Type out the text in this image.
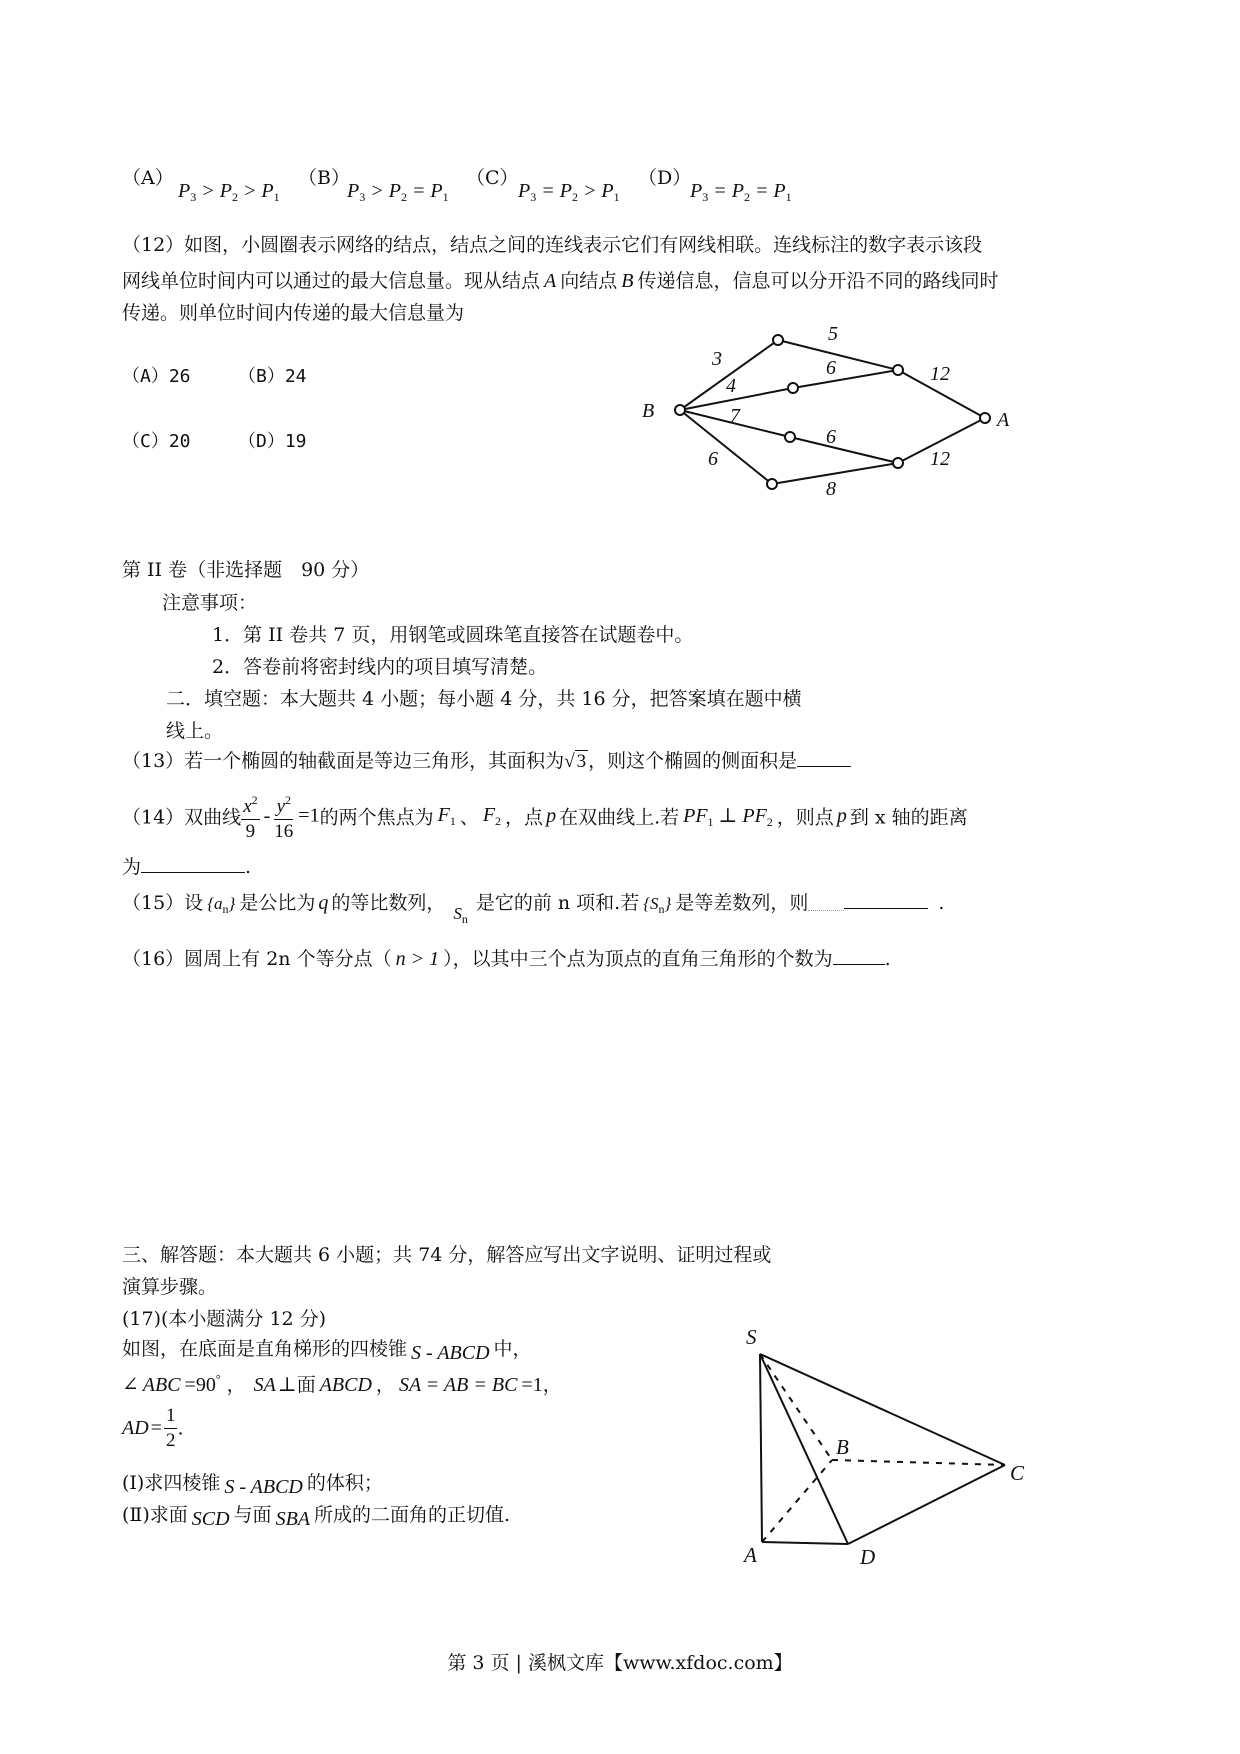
（A）
$P_3 > P_2 > P_1$
（B）
$P_3 > P_2 = P_1$
（C）
$P_3 = P_2 > P_1$
（D）
$P_3 = P_2 = P_1$
（12）如图，小圆圈表示网络的结点，结点之间的连线表示它们有网线相联。连线标注的数字表示该段
网线单位时间内可以通过的最大信息量。现从结点 A 向结点 B 传递信息，信息可以分开沿不同的路线同时
传递。则单位时间内传递的最大信息量为
（A）26	（B）24
（C）20	（D）19
B	A
3
5
4
6	12
7
6
6
8
12
第 II 卷（非选择题　90 分）
注意事项：
1．第 II 卷共 7 页，用钢笔或圆珠笔直接答在试题卷中。
2．答卷前将密封线内的项目填写清楚。
二．填空题：本大题共 4 小题；每小题 4 分，共 16 分，把答案填在题中横
线上。
（13）若一个椭圆的轴截面是等边三角形，其面积为√ 3 ，则这个椭圆的侧面积是
（14）双曲线 $\frac{x^2}{9} - \frac{y^2}{16} =1$的两个焦点为 $F_1$ 、 $F_2$ ，点 p 在双曲线上.若 $PF_1$ ⊥ $PF_2$ ，则点 p 到 x 轴的距离
为	.
（15）设 $\{a_n\}$ 是公比为 q 的等比数列， $S_n$是它的前 n 项和.若 $\{S_n\}$ 是等差数列，则	.
（16）圆周上有 2n 个等分点（ n > 1 ），以其中三个点为顶点的直角三角形的个数为	.
三、解答题：本大题共 6 小题；共 74 分，解答应写出文字说明、证明过程或
演算步骤。
(17)(本小题满分 12 分)
如图，在底面是直角梯形的四棱锥 S - ABCD 中，
∠ ABC =90° ， SA ⊥面 ABCD ， SA = AB = BC =1，
AD = $\frac{1}{2}$ .
(Ⅰ)求四棱锥 S - ABCD 的体积；
(Ⅱ)求面 SCD 与面 SBA 所成的二面角的正切值.
S
B
C
A	D
第 3 页 | 溪枫文库【www.xfdoc.com】
